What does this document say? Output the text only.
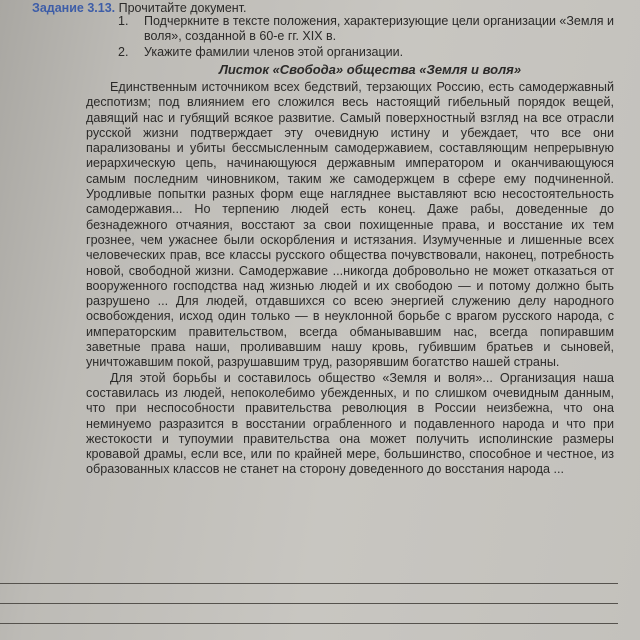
Задание 3.13. Прочитайте документ.
1.	Подчеркните в тексте положения, характеризующие цели организации «Земля и воля», созданной в 60-е гг. XIX в.
2.	Укажите фамилии членов этой организации.
Листок «Свобода» общества «Земля и воля»

Единственным источником всех бедствий, терзающих Россию, есть самодержавный деспотизм; под влиянием его сложился весь настоящий гибельный порядок вещей, давящий нас и губящий всякое развитие. Самый поверхностный взгляд на все отрасли русской жизни подтверждает эту очевидную истину и убеждает, что все они парализованы и убиты бессмысленным самодержавием, составляющим непрерывную иерархическую цепь, начинающуюся державным императором и оканчивающуюся самым последним чиновником, таким же самодержцем в сфере ему подчиненной. Уродливые попытки разных форм еще нагляднее выставляют всю несостоятельность самодержавия... Но терпению людей есть конец. Даже рабы, доведенные до безнадежного отчаяния, восстают за свои похищенные права, и восстание их тем грознее, чем ужаснее были оскорбления и истязания. Изумученные и лишенные всех человеческих прав, все классы русского общества почувствовали, наконец, потребность новой, свободной жизни. Самодержавие ...никогда добровольно не может отказаться от вооруженного господства над жизнью людей и их свободою — и потому должно быть разрушено ... Для людей, отдавшихся со всею энергией служению делу народного освобождения, исход один только — в неуклонной борьбе с врагом русского народа, с императорским правительством, всегда обманывавшим нас, всегда попиравшим заветные права наши, проливавшим нашу кровь, губившим братьев и сыновей, уничтожавшим покой, разрушавшим труд, разорявшим богатство нашей страны.

Для этой борьбы и составилось общество «Земля и воля»... Организация наша составилась из людей, непоколебимо убежденных, и по слишком очевидным данным, что при неспособности правительства революция в России неизбежна, что она неминуемо разразится в восстании ограбленного и подавленного народа и что при жестокости и тупоумии правительства она может получить исполинские размеры кровавой драмы, если все, или по крайней мере, большинство, способное и честное, из образованных классов не станет на сторону доведенного до восстания народа ...
